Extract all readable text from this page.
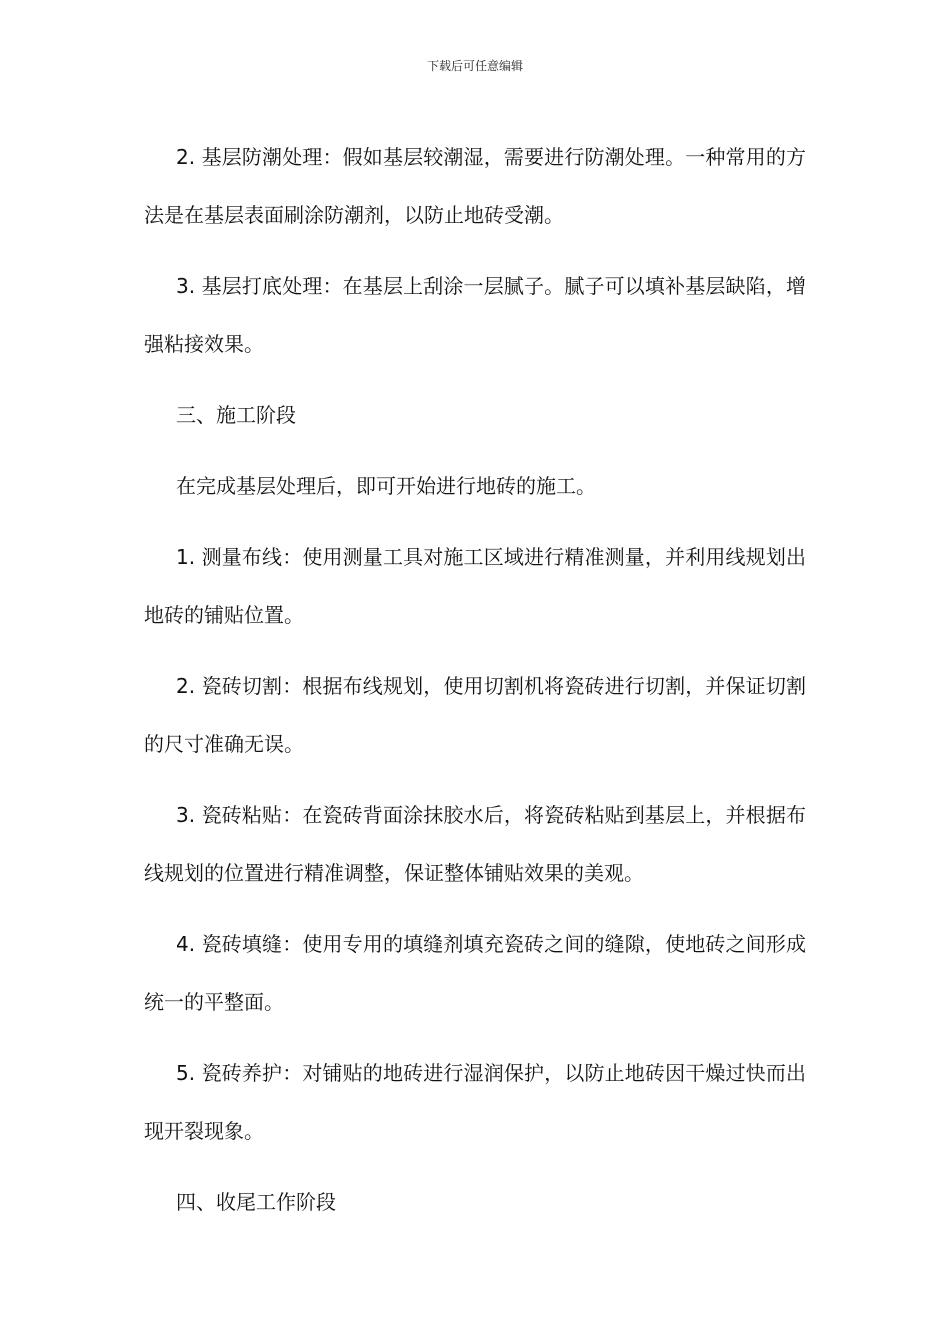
下载后可任意编辑

2. 基层防潮处理：假如基层较潮湿，需要进行防潮处理。一种常用的方法是在基层表面刷涂防潮剂，以防止地砖受潮。

3. 基层打底处理：在基层上刮涂一层腻子。腻子可以填补基层缺陷，增强粘接效果。

三、施工阶段

在完成基层处理后，即可开始进行地砖的施工。

1. 测量布线：使用测量工具对施工区域进行精准测量，并利用线规划出地砖的铺贴位置。

2. 瓷砖切割：根据布线规划，使用切割机将瓷砖进行切割，并保证切割的尺寸准确无误。

3. 瓷砖粘贴：在瓷砖背面涂抹胶水后，将瓷砖粘贴到基层上，并根据布线规划的位置进行精准调整，保证整体铺贴效果的美观。

4. 瓷砖填缝：使用专用的填缝剂填充瓷砖之间的缝隙，使地砖之间形成统一的平整面。

5. 瓷砖养护：对铺贴的地砖进行湿润保护，以防止地砖因干燥过快而出现开裂现象。

四、收尾工作阶段
